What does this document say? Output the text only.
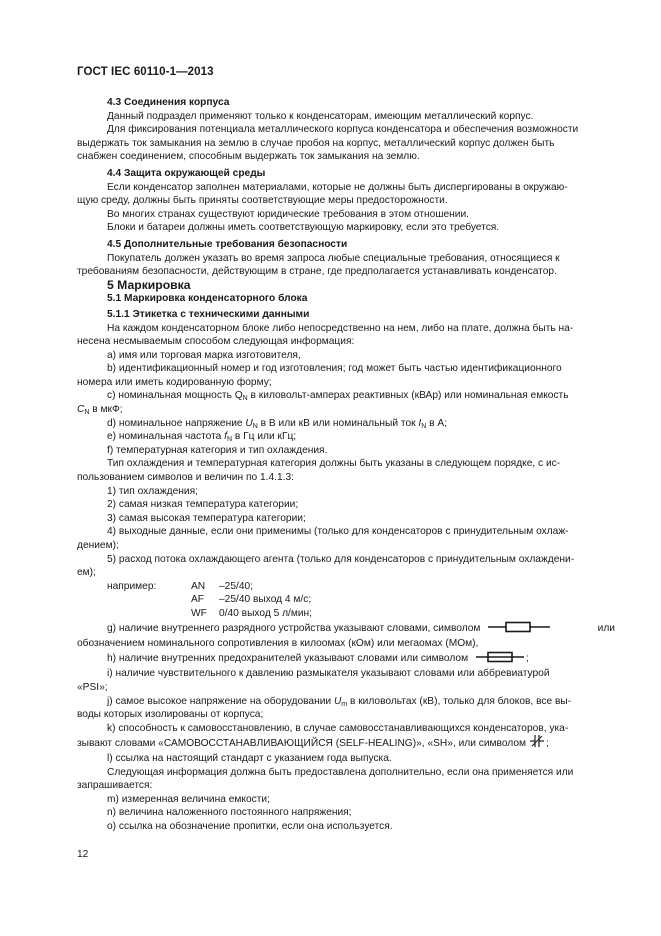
ГОСТ IEC 60110-1—2013

4.3 Соединения корпуса

Данный подраздел применяют только к конденсаторам, имеющим металлический корпус.

Для фиксирования потенциала металлического корпуса конденсатора и обеспечения возможности

выдержать ток замыкания на землю в случае пробоя на корпус, металлический корпус должен быть

снабжен соединением, способным выдержать ток замыкания на землю.

4.4 Защита окружающей среды

Если конденсатор заполнен материалами, которые не должны быть диспергированы в окружаю-

щую среду, должны быть приняты соответствующие меры предосторожности.

Во многих странах существуют юридические требования в этом отношении.

Блоки и батареи должны иметь соответствующую маркировку, если это требуется.

4.5 Дополнительные требования безопасности

Покупатель должен указать во время запроса любые специальные требования, относящиеся к

требованиям безопасности, действующим в стране, где предполагается устанавливать конденсатор.

5 Маркировка

5.1 Маркировка конденсаторного блока

5.1.1 Этикетка с техническими данными

На каждом конденсаторном блоке либо непосредственно на нем, либо на плате, должна быть на-

несена несмываемым способом следующая информация:

a) имя или торговая марка изготовителя,

b) идентификационный номер и год изготовления; год может быть частью идентификационного

номера или иметь кодированную форму;

c) номинальная мощность $Q_N$ в киловольт-амперах реактивных (кВАр) или номинальная емкость

$C_N$ в мкФ;

d) номинальное напряжение $U_N$ в В или кВ или номинальный ток $I_N$ в А;

e) номинальная частота $f_N$ в Гц или кГц;

f) температурная категория и тип охлаждения.

Тип охлаждения и температурная категория должны быть указаны в следующем порядке, с ис-

пользованием символов и величин по 1.4.1.3:

1) тип охлаждения;

2) самая низкая температура категории;

3) самая высокая температура категории;

4) выходные данные, если они применимы (только для конденсаторов с принудительным охлаж-

дением);

5) расход потока охлаждающего агента (только для конденсаторов с принудительным охлаждени-

ем);

например:	AN	–25/40;
AF	–25/40 выход 4 м/с;
WF	0/40 выход 5 л/мин;

g) наличие внутреннего разрядного устройства указывают словами, символом	или

обозначением номинального сопротивления в килоомах (кОм) или мегаомах (МОм),

h) наличие внутренних предохранителей указывают словами или символом	;

i) наличие чувствительного к давлению размыкателя указывают словами или аббревиатурой

«PSI»;

j) самое высокое напряжение на оборудовании $U_m$ в киловольтах (кВ), только для блоков, все вы-

воды которых изолированы от корпуса;

k) способность к самовосстановлению, в случае самовосстанавливающихся конденсаторов, ука-

зывают словами «САМОВОССТАНАВЛИВАЮЩИЙСЯ (SELF-HEALING)», «SH», или символом ;

l) ссылка на настоящий стандарт с указанием года выпуска.

Следующая информация должна быть предоставлена дополнительно, если она применяется или

запрашивается:

m) измеренная величина емкости;

n) величина наложенного постоянного напряжения;

o) ссылка на обозначение пропитки, если она используется.

12
